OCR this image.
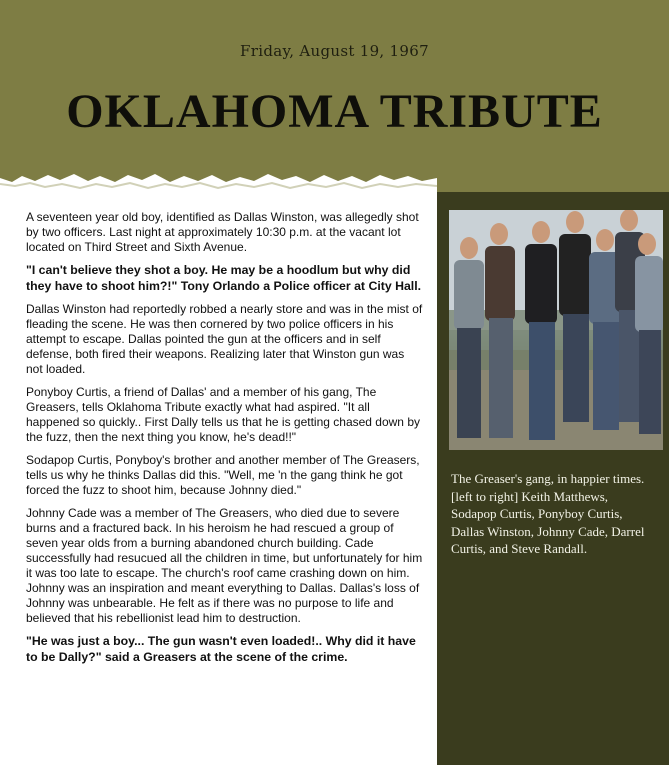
Friday, August 19, 1967
OKLAHOMA TRIBUTE

A seventeen year old boy, identified as Dallas Winston, was allegedly shot by two officers. Last night at approximately 10:30 p.m. at the vacant lot located on Third Street and Sixth Avenue.

"I can't believe they shot a boy. He may be a hoodlum but why did they have to shoot him?!" Tony Orlando a Police officer at City Hall.

Dallas Winston had reportedly robbed a nearly store and was in the mist of fleading the scene. He was then cornered by two police officers in his attempt to escape. Dallas pointed the gun at the officers and in self defense, both fired their weapons. Realizing later that Winston gun was not loaded.

Ponyboy Curtis, a friend of Dallas' and a member of his gang, The Greasers, tells Oklahoma Tribute exactly what had aspired. "It all happened so quickly.. First Dally tells us that he is getting chased down by the fuzz, then the next thing you know, he's dead!!"

Sodapop Curtis, Ponyboy's brother and another member of The Greasers, tells us why he thinks Dallas did this. "Well, me 'n the gang think he got forced the fuzz to shoot him, because Johnny died."

Johnny Cade was a member of The Greasers, who died due to severe burns and a fractured back. In his heroism he had rescued a group of seven year olds from a burning abandoned church building. Cade successfully had resucued all the children in time, but unfortunately for him it was too late to escape. The church's roof came crashing down on him. Johnny was an inspiration and meant everything to Dallas. Dallas's loss of Johnny was unbearable. He felt as if there was no purpose to life and believed that his rebellionist lead him to destruction.

"He was just a boy... The gun wasn't even loaded!.. Why did it have to be Dally?" said a Greasers at the scene of the crime.

The Greaser's gang, in happier times. [left to right] Keith Matthews, Sodapop Curtis, Ponyboy Curtis, Dallas Winston, Johnny Cade, Darrel Curtis, and Steve Randall.
